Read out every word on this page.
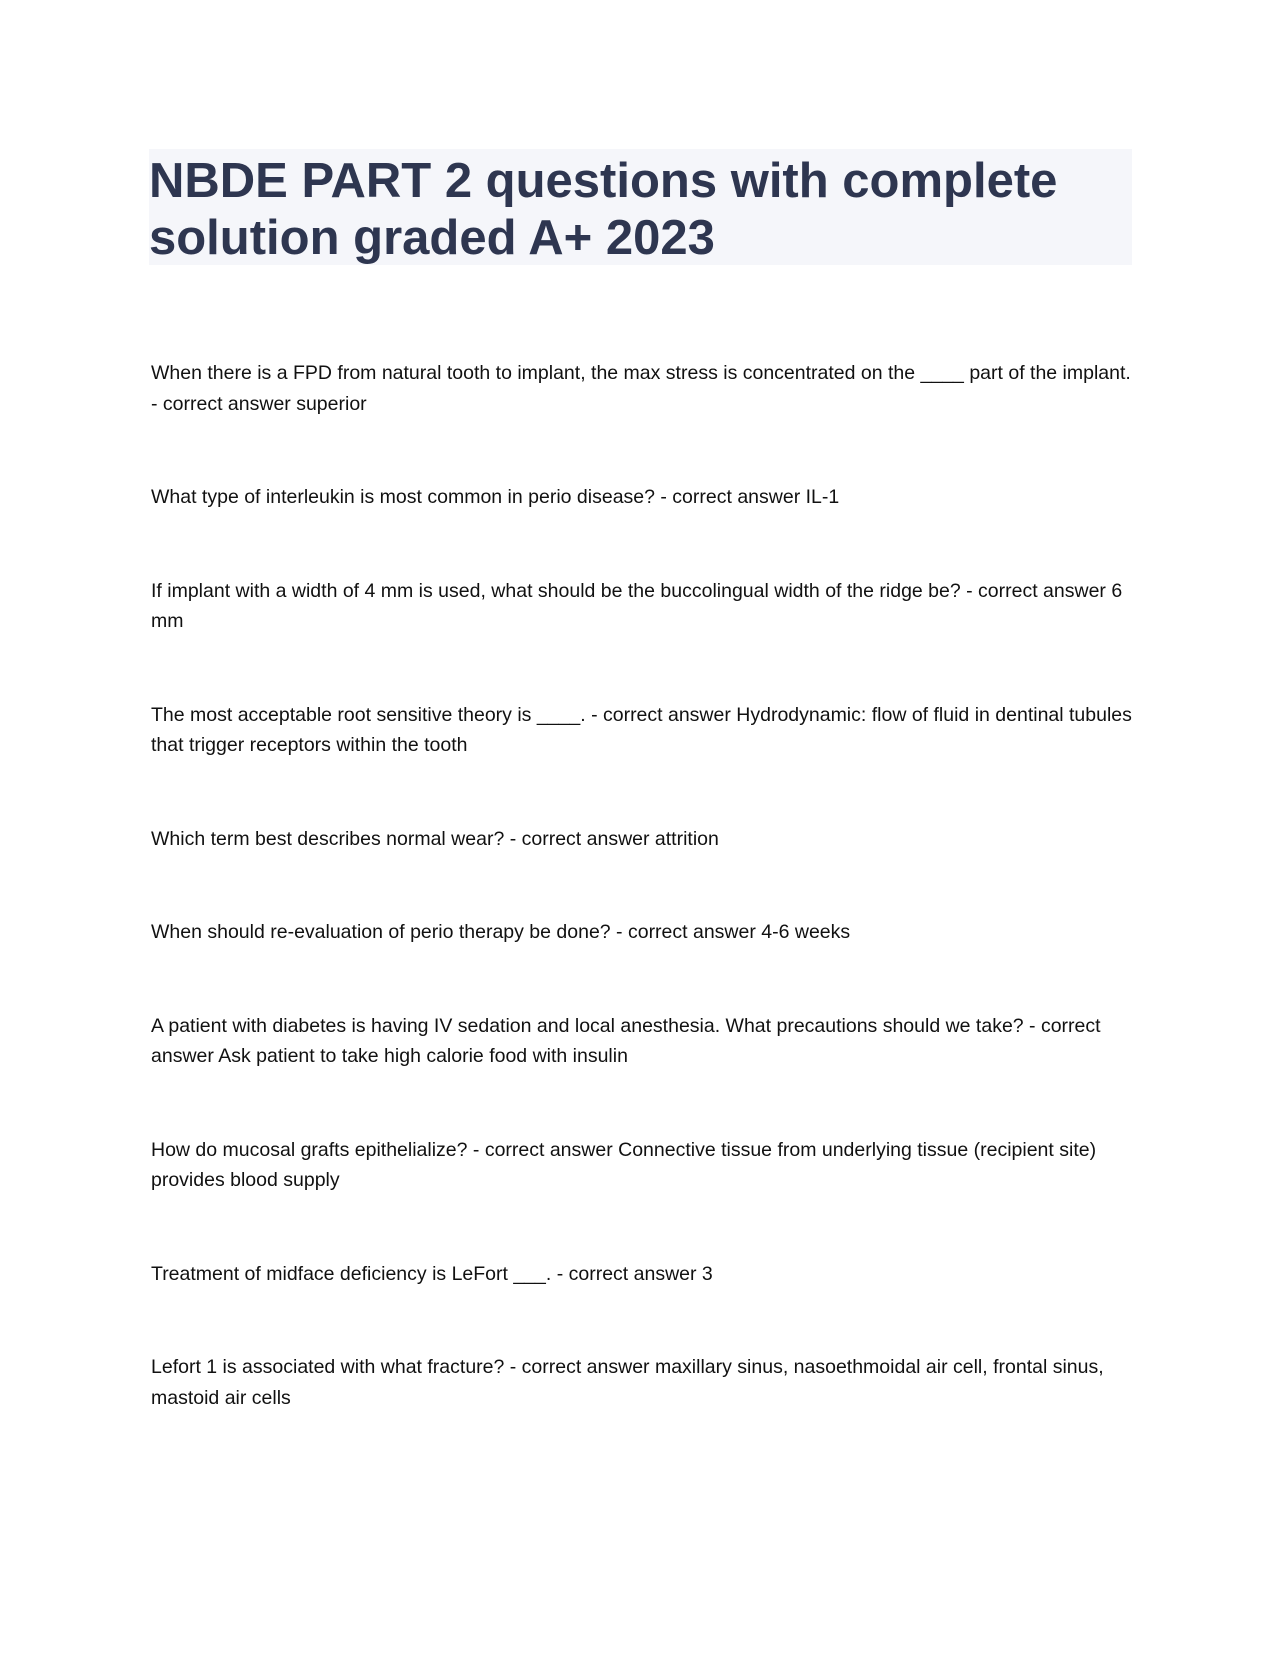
NBDE PART 2 questions with complete solution graded A+ 2023
When there is a FPD from natural tooth to implant, the max stress is concentrated on the ____ part of the implant. - correct answer superior
What type of interleukin is most common in perio disease? - correct answer IL-1
If implant with a width of 4 mm is used, what should be the buccolingual width of the ridge be? - correct answer 6 mm
The most acceptable root sensitive theory is ____. - correct answer Hydrodynamic: flow of fluid in dentinal tubules that trigger receptors within the tooth
Which term best describes normal wear? - correct answer attrition
When should re-evaluation of perio therapy be done? - correct answer 4-6 weeks
A patient with diabetes is having IV sedation and local anesthesia. What precautions should we take? - correct answer Ask patient to take high calorie food with insulin
How do mucosal grafts epithelialize? - correct answer Connective tissue from underlying tissue (recipient site) provides blood supply
Treatment of midface deficiency is LeFort ___. - correct answer 3
Lefort 1 is associated with what fracture? - correct answer maxillary sinus, nasoethmoidal air cell, frontal sinus, mastoid air cells
